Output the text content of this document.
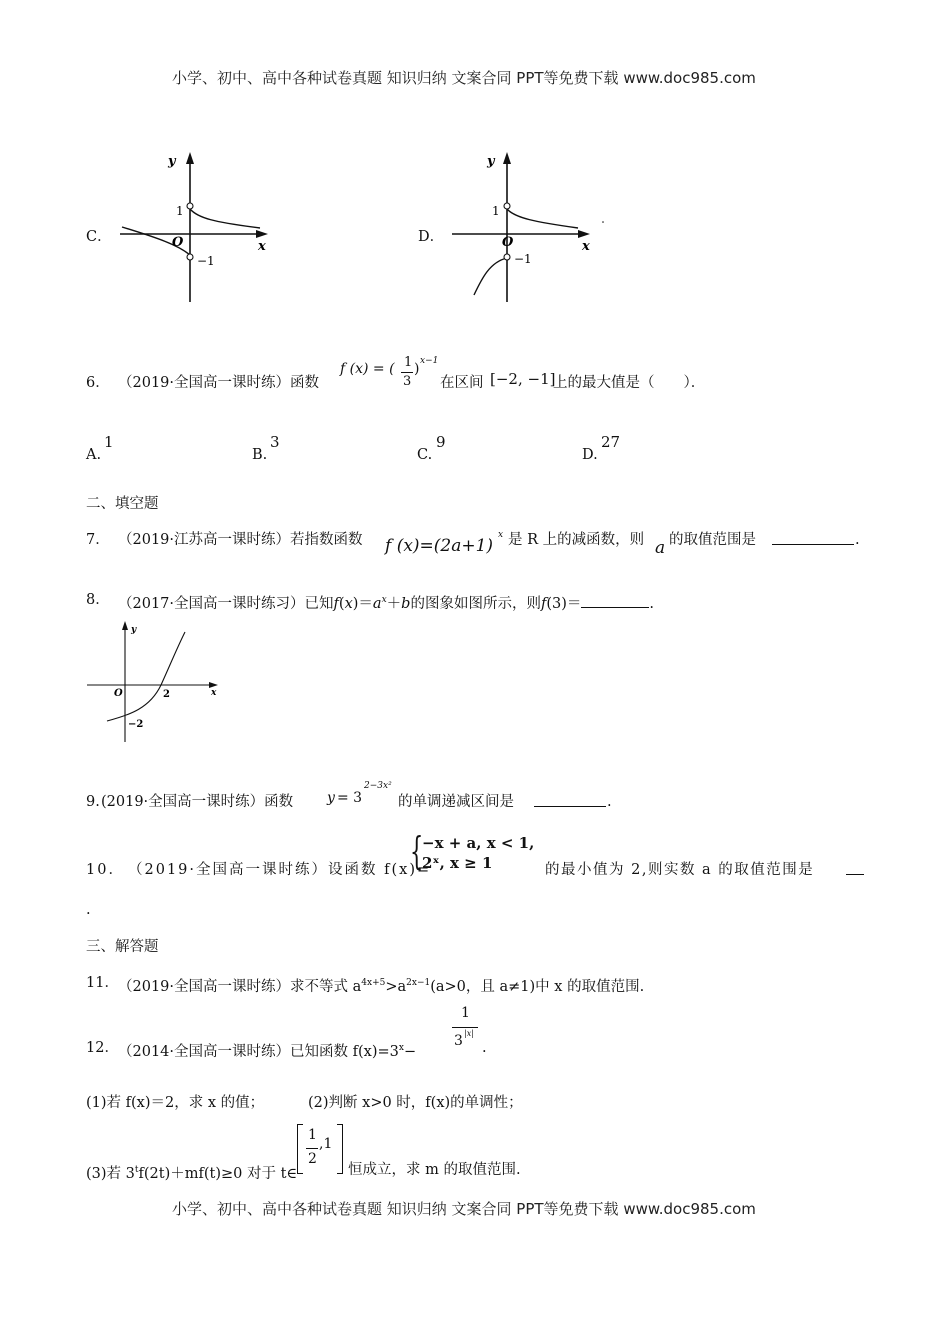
小学、初中、高中各种试卷真题 知识归纳 文案合同 PPT等免费下载 www.doc985.com
C．
y
x
O
1
−1
D．
y
x
O
1
−1
6． （2019·全国高一课时练）函数
f (x) = ( 1
3
) x−1
在区间 [−2, −1]
上的最大值是（　　）．
A.
1
B.
3
C.
9
D.
27
二、填空题
7． （2019·江苏高一课时练）若指数函数 f (x)=(2a+1)
x 是 R 上的减函数，则 a 的取值范围是	.
8． （2017·全国高一课时练习）已知$f(x)=a^x+b$的图象如图所示，则f(3)＝	.
y
x
O	2
−2
9. (2019·全国高一课时练）函数 y = 3
2−3x²
的单调递减区间是	.
10． （2019·全国高一课时练）设函数 f(x)=
{
−x + a, x < 1,
2ˣ, x ≥ 1	的最小值为 2,则实数 a 的取值范围是
.
三、解答题
11． （2019·全国高一课时练）求不等式 $a^{4x+5}>a^{2x-1}(a>0$，且 a≠1)中 x 的取值范围.
12． （2014·全国高一课时练）已知函数 $f(x)=3^x-$
1
3 |x|
.
(1)若 f(x)＝2，求 x 的值；	(2)判断 x>0 时，f(x)的单调性；
(3)若 $3^tf(2t)+mf(t)\ge 0$ 对于 t∈
1
2
,1
恒成立，求 m 的取值范围.
小学、初中、高中各种试卷真题 知识归纳 文案合同 PPT等免费下载 www.doc985.com
